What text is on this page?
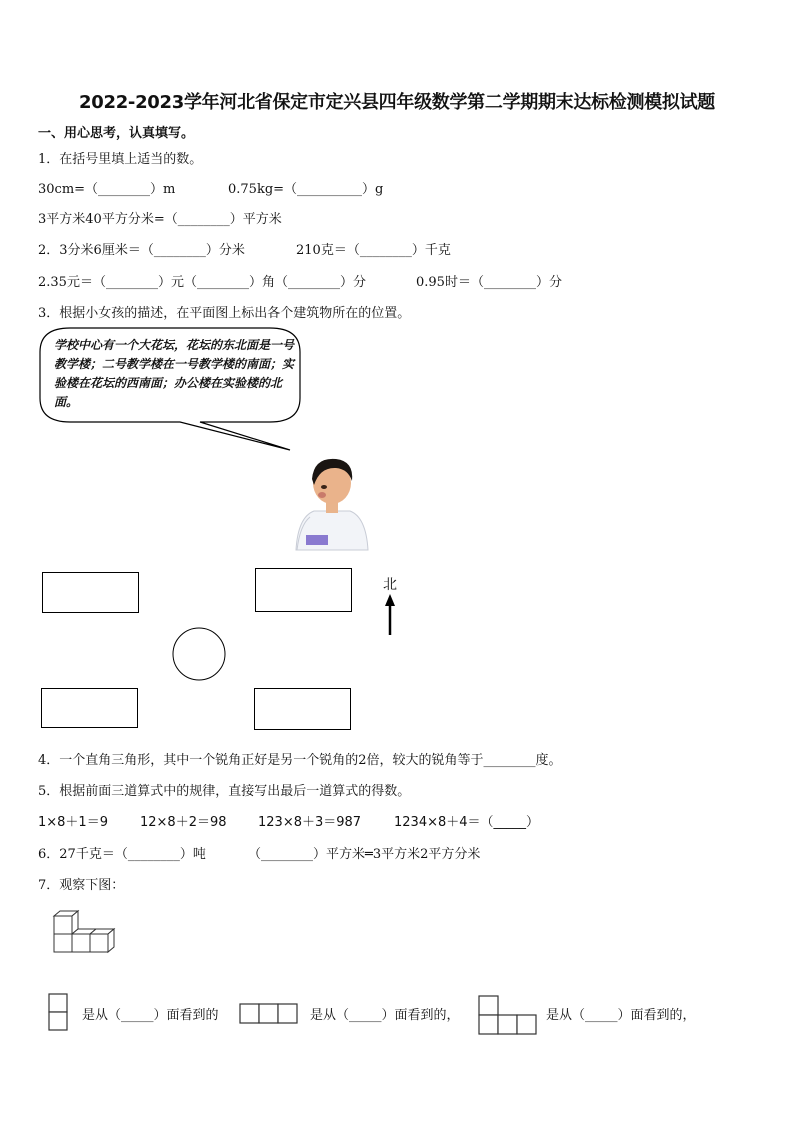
2022-2023学年河北省保定市定兴县四年级数学第二学期期末达标检测模拟试题
一、用心思考，认真填写。
1．在括号里填上适当的数。
30cm=（________）m	0.75kg=（__________）g
3平方米40平方分米=（________）平方米
2．3分米6厘米＝（________）分米	210克＝（________）千克
2.35元＝（________）元（________）角（________）分	0.95时＝（________）分
3．根据小女孩的描述，在平面图上标出各个建筑物所在的位置。
学校中心有一个大花坛，花坛的东北面是一号教学楼；二号教学楼在一号教学楼的南面；实验楼在花坛的西南面；办公楼在实验楼的北面。
北
4．一个直角三角形，其中一个锐角正好是另一个锐角的2倍，较大的锐角等于________度。
5．根据前面三道算式中的规律，直接写出最后一道算式的得数。
1×8＋1＝9 12×8＋2＝98 123×8＋3＝987	1234×8＋4＝（_____）
6．27千克＝（________）吨	（________）平方米═3平方米2平方分米
7．观察下图：
是从（_____）面看到的	是从（_____）面看到的，	是从（_____）面看到的，
